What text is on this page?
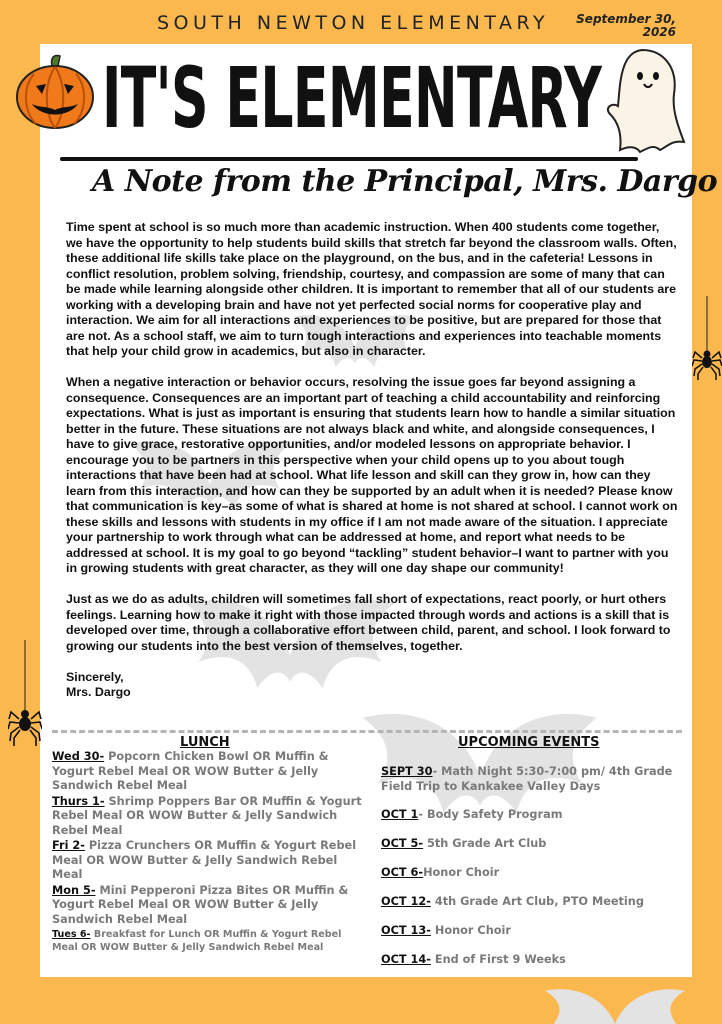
SOUTH NEWTON ELEMENTARY	September 30, 2026
IT'S ELEMENTARY
A Note from the Principal, Mrs. Dargo

Time spent at school is so much more than academic instruction. When 400 students come together, we have the opportunity to help students build skills that stretch far beyond the classroom walls. Often, these additional life skills take place on the playground, on the bus, and in the cafeteria! Lessons in conflict resolution, problem solving, friendship, courtesy, and compassion are some of many that can be made while learning alongside other children. It is important to remember that all of our students are working with a developing brain and have not yet perfected social norms for cooperative play and interaction. We aim for all interactions and experiences to be positive, but are prepared for those that are not. As a school staff, we aim to turn tough interactions and experiences into teachable moments that help your child grow in academics, but also in character.

When a negative interaction or behavior occurs, resolving the issue goes far beyond assigning a consequence. Consequences are an important part of teaching a child accountability and reinforcing expectations. What is just as important is ensuring that students learn how to handle a similar situation better in the future. These situations are not always black and white, and alongside consequences, I have to give grace, restorative opportunities, and/or modeled lessons on appropriate behavior. I encourage you to be partners in this perspective when your child opens up to you about tough interactions that have been had at school. What life lesson and skill can they grow in, how can they learn from this interaction, and how can they be supported by an adult when it is needed? Please know that communication is key–as some of what is shared at home is not shared at school. I cannot work on these skills and lessons with students in my office if I am not made aware of the situation. I appreciate your partnership to work through what can be addressed at home, and report what needs to be addressed at school. It is my goal to go beyond “tackling” student behavior–I want to partner with you in growing students with great character, as they will one day shape our community!

Just as we do as adults, children will sometimes fall short of expectations, react poorly, or hurt others feelings. Learning how to make it right with those impacted through words and actions is a skill that is developed over time, through a collaborative effort between child, parent, and school. I look forward to growing our students into the best version of themselves, together.

Sincerely,

Mrs. Dargo

LUNCH	UPCOMING EVENTS
Wed 30- Popcorn Chicken Bowl OR Muffin & Yogurt Rebel Meal OR WOW Butter & Jelly Sandwich Rebel Meal
Thurs 1- Shrimp Poppers Bar OR Muffin & Yogurt Rebel Meal OR WOW Butter & Jelly Sandwich Rebel Meal
Fri 2- Pizza Crunchers OR Muffin & Yogurt Rebel Meal OR WOW Butter & Jelly Sandwich Rebel Meal
Mon 5- Mini Pepperoni Pizza Bites OR Muffin & Yogurt Rebel Meal OR WOW Butter & Jelly Sandwich Rebel Meal
Tues 6- Breakfast for Lunch OR Muffin & Yogurt Rebel Meal OR WOW Butter & Jelly Sandwich Rebel Meal
SEPT 30- Math Night 5:30-7:00 pm/ 4th Grade Field Trip to Kankakee Valley Days
OCT 1- Body Safety Program
OCT 5- 5th Grade Art Club
OCT 6-Honor Choir
OCT 12- 4th Grade Art Club, PTO Meeting
OCT 13- Honor Choir
OCT 14- End of First 9 Weeks
